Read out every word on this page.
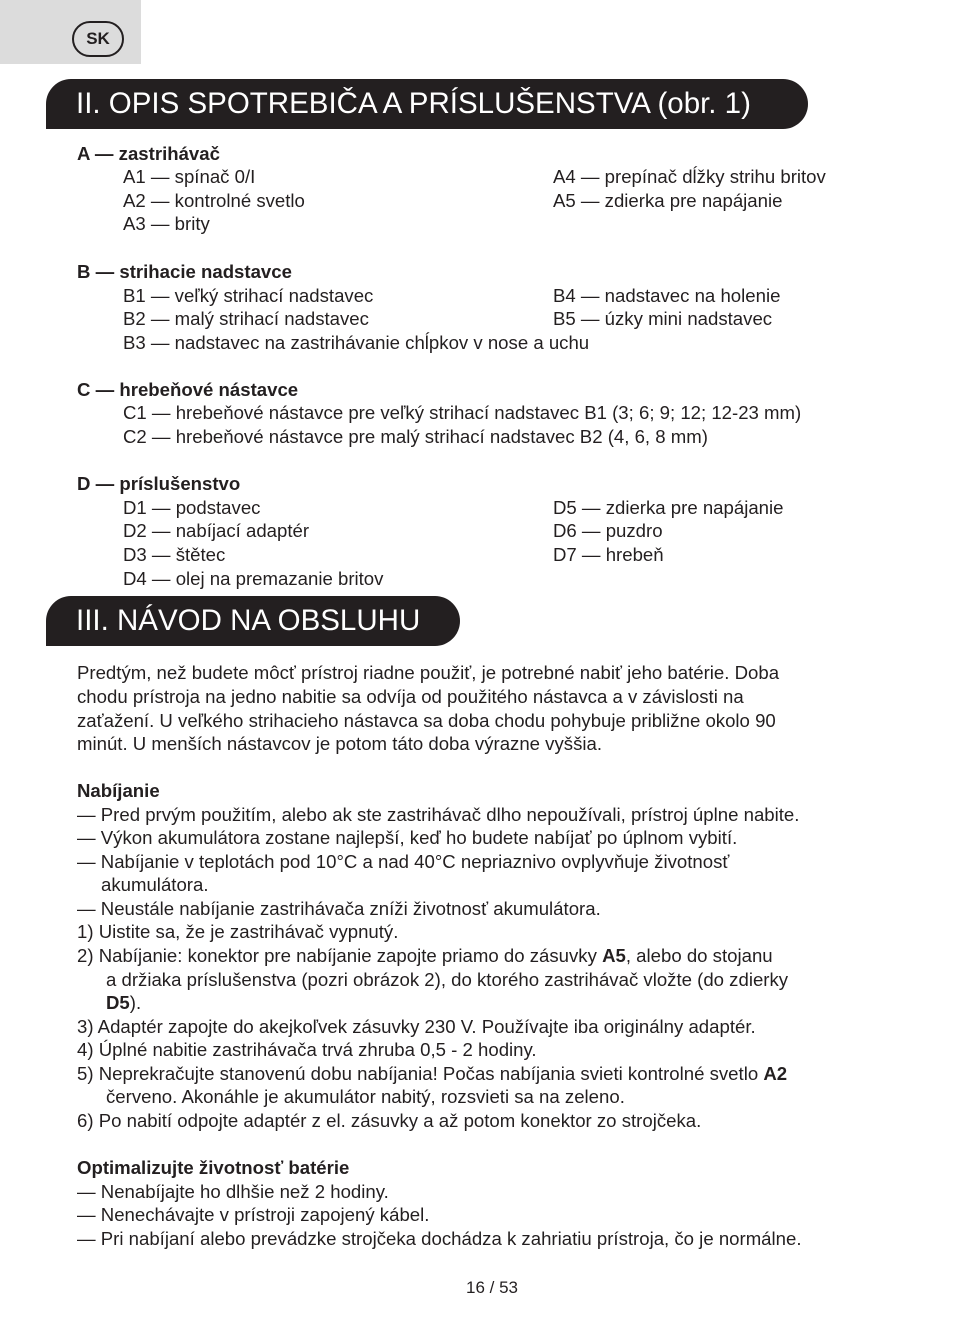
SK
II. OPIS SPOTREBIČA A PRÍSLUŠENSTVA (obr. 1)
A — zastrihávač
A1 — spínač 0/I
A2 — kontrolné svetlo
A3 — brity
A4 — prepínač dĺžky strihu britov
A5 — zdierka pre napájanie
B — strihacie nadstavce
B1 — veľký strihací nadstavec
B2 — malý strihací nadstavec
B3 — nadstavec na zastrihávanie chĺpkov v nose a uchu
B4 — nadstavec na holenie
B5 — úzky mini nadstavec
C — hrebeňové nástavce
C1 — hrebeňové nástavce pre veľký strihací nadstavec B1 (3; 6; 9; 12; 12-23 mm)
C2 — hrebeňové nástavce pre malý strihací nadstavec B2 (4, 6, 8 mm)
D — príslušenstvo
D1 — podstavec
D2 — nabíjací adaptér
D3 — štětec
D4 — olej na premazanie britov
D5 — zdierka pre napájanie
D6 — puzdro
D7 — hrebeň
III. NÁVOD NA OBSLUHU
Predtým, než budete môcť prístroj riadne použiť, je potrebné nabiť jeho batérie. Doba
chodu prístroja na jedno nabitie sa odvíja od použitého nástavca a v závislosti na
zaťažení. U veľkého strihacieho nástavca sa doba chodu pohybuje približne okolo 90
minút. U menších nástavcov je potom táto doba výrazne vyššia.
Nabíjanie
— Pred prvým použitím, alebo ak ste zastrihávač dlho nepoužívali, prístroj úplne nabite.
— Výkon akumulátora zostane najlepší, keď ho budete nabíjať po úplnom vybití.
— Nabíjanie v teplotách pod 10°C a nad 40°C nepriaznivo ovplyvňuje životnosť
akumulátora.
— Neustále nabíjanie zastrihávača zníži životnosť akumulátora.
1) Uistite sa, že je zastrihávač vypnutý.
2) Nabíjanie: konektor pre nabíjanie zapojte priamo do zásuvky A5, alebo do stojanu
a držiaka príslušenstva (pozri obrázok 2), do ktorého zastrihávač vložte (do zdierky
D5).
3) Adaptér zapojte do akejkoľvek zásuvky 230 V. Používajte iba originálny adaptér.
4) Úplné nabitie zastrihávača trvá zhruba 0,5 - 2 hodiny.
5) Neprekračujte stanovenú dobu nabíjania! Počas nabíjania svieti kontrolné svetlo A2
červeno. Akonáhle je akumulátor nabitý, rozsvieti sa na zeleno.
6) Po nabití odpojte adaptér z el. zásuvky a až potom konektor zo strojčeka.
Optimalizujte životnosť batérie
— Nenabíjajte ho dlhšie než 2 hodiny.
— Nenechávajte v prístroji zapojený kábel.
— Pri nabíjaní alebo prevádzke strojčeka dochádza k zahriatiu prístroja, čo je normálne.
16 / 53
